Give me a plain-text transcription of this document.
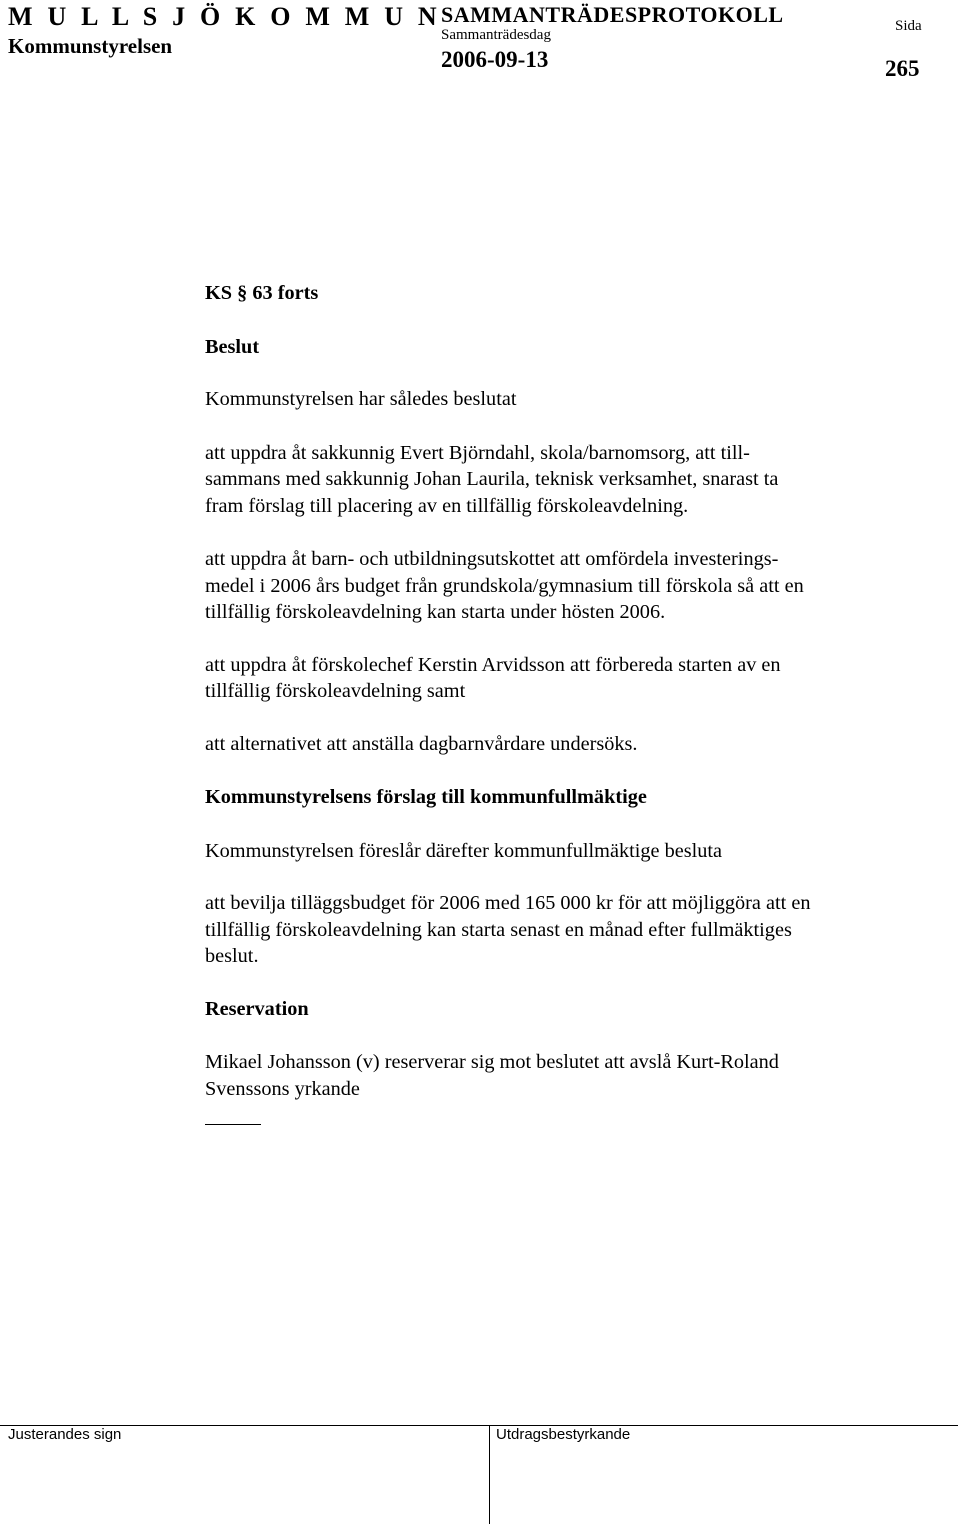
M U L L S J Ö K O M M U N
Kommunstyrelsen
SAMMANTRÄDESPROTOKOLL
Sammanträdesdag
2006-09-13
Sida
265

KS § 63 forts

Beslut

Kommunstyrelsen har således beslutat

att uppdra åt sakkunnig Evert Björndahl, skola/barnomsorg, att till-
sammans med sakkunnig Johan Laurila, teknisk verksamhet, snarast ta
fram förslag till placering av en tillfällig förskoleavdelning.

att uppdra åt barn- och utbildningsutskottet att omfördela investerings-
medel i 2006 års budget från grundskola/gymnasium till förskola så att en
tillfällig förskoleavdelning kan starta under hösten 2006.

att uppdra åt förskolechef Kerstin Arvidsson att förbereda starten av en
tillfällig förskoleavdelning samt

att alternativet att anställa dagbarnvårdare undersöks.

Kommunstyrelsens förslag till kommunfullmäktige

Kommunstyrelsen föreslår därefter kommunfullmäktige besluta

att bevilja tilläggsbudget för 2006 med 165 000 kr för att möjliggöra att en
tillfällig förskoleavdelning kan starta senast en månad efter fullmäktiges
beslut.

Reservation

Mikael Johansson (v) reserverar sig mot beslutet att avslå Kurt-Roland
Svenssons yrkande

Justerandes sign	Utdragsbestyrkande
